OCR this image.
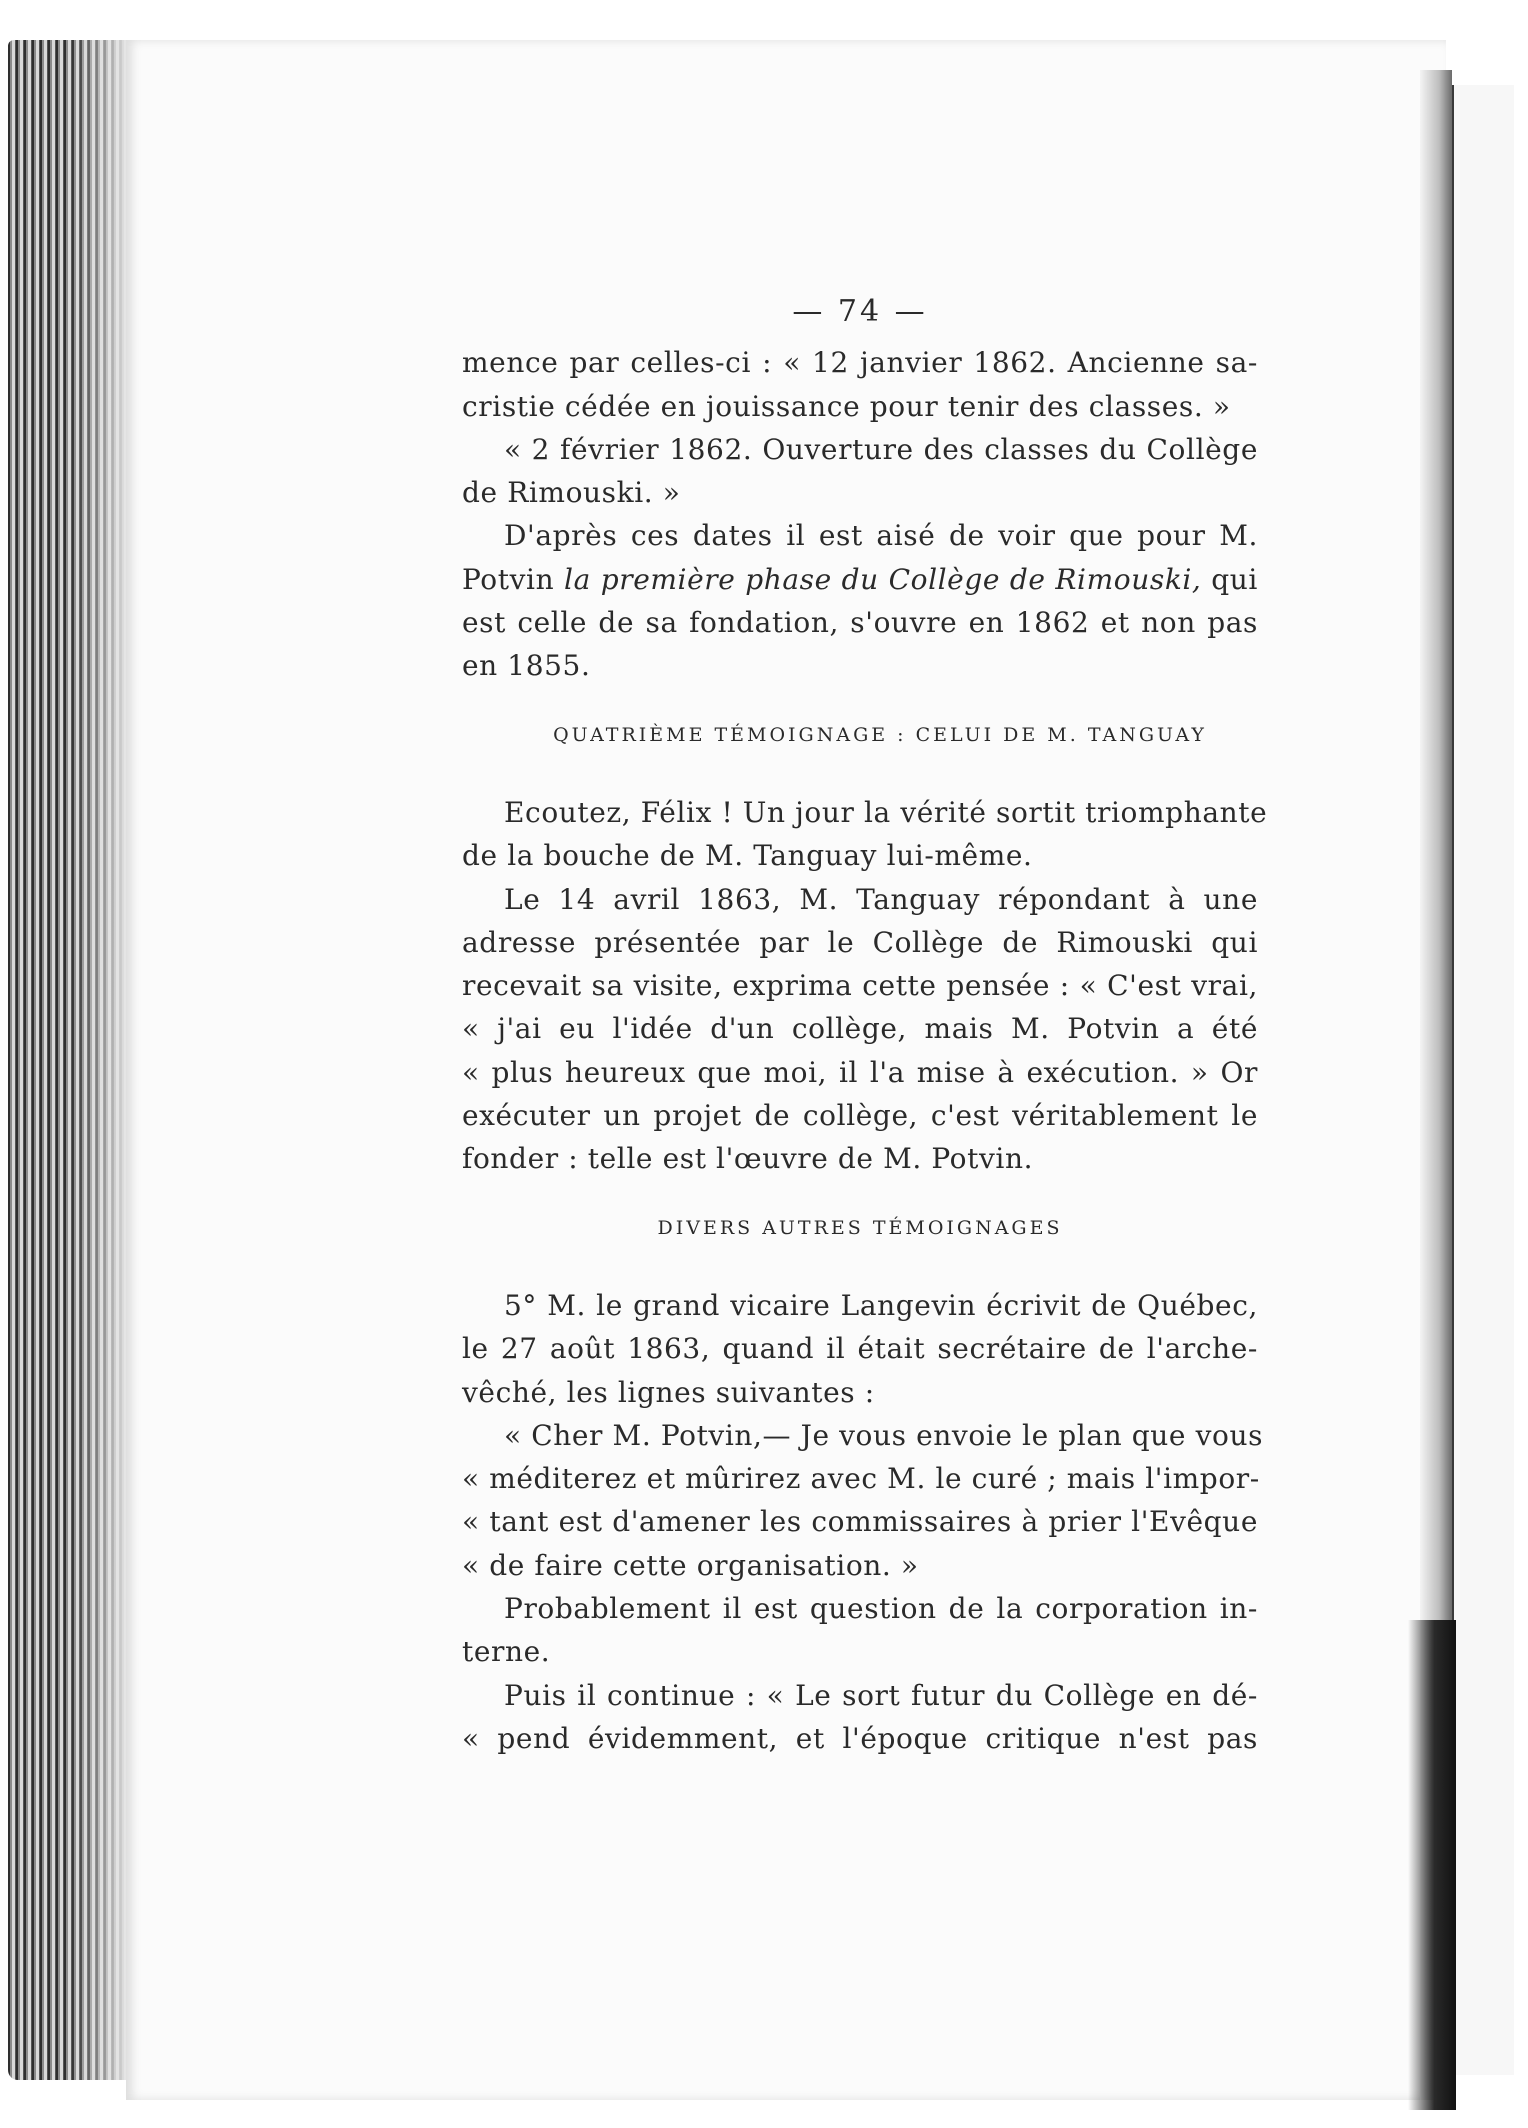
— 74 —
mence par celles-ci : « 12 janvier 1862. Ancienne sa-
cristie cédée en jouissance pour tenir des classes. »
« 2 février 1862. Ouverture des classes du Collège
de Rimouski. »
D'après ces dates il est aisé de voir que pour M.
Potvin la première phase du Collège de Rimouski, qui
est celle de sa fondation, s'ouvre en 1862 et non pas
en 1855.
QUATRIÈME TÉMOIGNAGE : CELUI DE M. TANGUAY
Ecoutez, Félix ! Un jour la vérité sortit triomphante
de la bouche de M. Tanguay lui-même.
Le 14 avril 1863, M. Tanguay répondant à une
adresse présentée par le Collège de Rimouski qui
recevait sa visite, exprima cette pensée : « C'est vrai,
« j'ai eu l'idée d'un collège, mais M. Potvin a été
« plus heureux que moi, il l'a mise à exécution. » Or
exécuter un projet de collège, c'est véritablement le
fonder : telle est l'œuvre de M. Potvin.
DIVERS AUTRES TÉMOIGNAGES
5° M. le grand vicaire Langevin écrivit de Québec,
le 27 août 1863, quand il était secrétaire de l'arche-
vêché, les lignes suivantes :
« Cher M. Potvin,— Je vous envoie le plan que vous
« méditerez et mûrirez avec M. le curé ; mais l'impor-
« tant est d'amener les commissaires à prier l'Evêque
« de faire cette organisation. »
Probablement il est question de la corporation in-
terne.
Puis il continue : « Le sort futur du Collège en dé-
« pend évidemment, et l'époque critique n'est pas
